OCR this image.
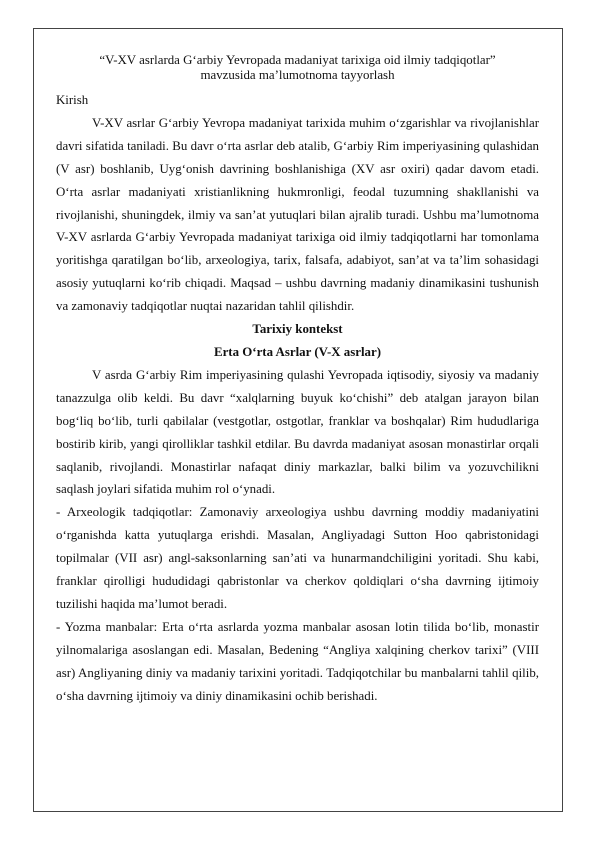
“V-XV asrlarda G‘arbiy Yevropada madaniyat tarixiga oid ilmiy tadqiqotlar”
mavzusida ma’lumotnoma tayyorlash

Kirish

V-XV asrlar G‘arbiy Yevropa madaniyat tarixida muhim o‘zgarishlar va rivojlanishlar davri sifatida taniladi. Bu davr o‘rta asrlar deb atalib, G‘arbiy Rim imperiyasining qulashidan (V asr) boshlanib, Uyg‘onish davrining boshlanishiga (XV asr oxiri) qadar davom etadi. O‘rta asrlar madaniyati xristianlikning hukmronligi, feodal tuzumning shakllanishi va rivojlanishi, shuningdek, ilmiy va san’at yutuqlari bilan ajralib turadi. Ushbu ma’lumotnoma V-XV asrlarda G‘arbiy Yevropada madaniyat tarixiga oid ilmiy tadqiqotlarni har tomonlama yoritishga qaratilgan bo‘lib, arxeologiya, tarix, falsafa, adabiyot, san’at va ta’lim sohasidagi asosiy yutuqlarni ko‘rib chiqadi. Maqsad – ushbu davrning madaniy dinamikasini tushunish va zamonaviy tadqiqotlar nuqtai nazaridan tahlil qilishdir.

Tarixiy kontekst

Erta O‘rta Asrlar (V-X asrlar)

V asrda G‘arbiy Rim imperiyasining qulashi Yevropada iqtisodiy, siyosiy va madaniy tanazzulga olib keldi. Bu davr “xalqlarning buyuk ko‘chishi” deb atalgan jarayon bilan bog‘liq bo‘lib, turli qabilalar (vestgotlar, ostgotlar, franklar va boshqalar) Rim hududlariga bostirib kirib, yangi qirolliklar tashkil etdilar. Bu davrda madaniyat asosan monastirlar orqali saqlanib, rivojlandi. Monastirlar nafaqat diniy markazlar, balki bilim va yozuvchilikni saqlash joylari sifatida muhim rol o‘ynadi.

- Arxeologik tadqiqotlar: Zamonaviy arxeologiya ushbu davrning moddiy madaniyatini o‘rganishda katta yutuqlarga erishdi. Masalan, Angliyadagi Sutton Hoo qabristonidagi topilmalar (VII asr) angl-saksonlarning san’ati va hunarmandchiligini yoritadi. Shu kabi, franklar qirolligi hududidagi qabristonlar va cherkov qoldiqlari o‘sha davrning ijtimoiy tuzilishi haqida ma’lumot beradi.

- Yozma manbalar: Erta o‘rta asrlarda yozma manbalar asosan lotin tilida bo‘lib, monastir yilnomalariga asoslangan edi. Masalan, Bedening “Angliya xalqining cherkov tarixi” (VIII asr) Angliyaning diniy va madaniy tarixini yoritadi. Tadqiqotchilar bu manbalarni tahlil qilib, o‘sha davrning ijtimoiy va diniy dinamikasini ochib berishadi.
